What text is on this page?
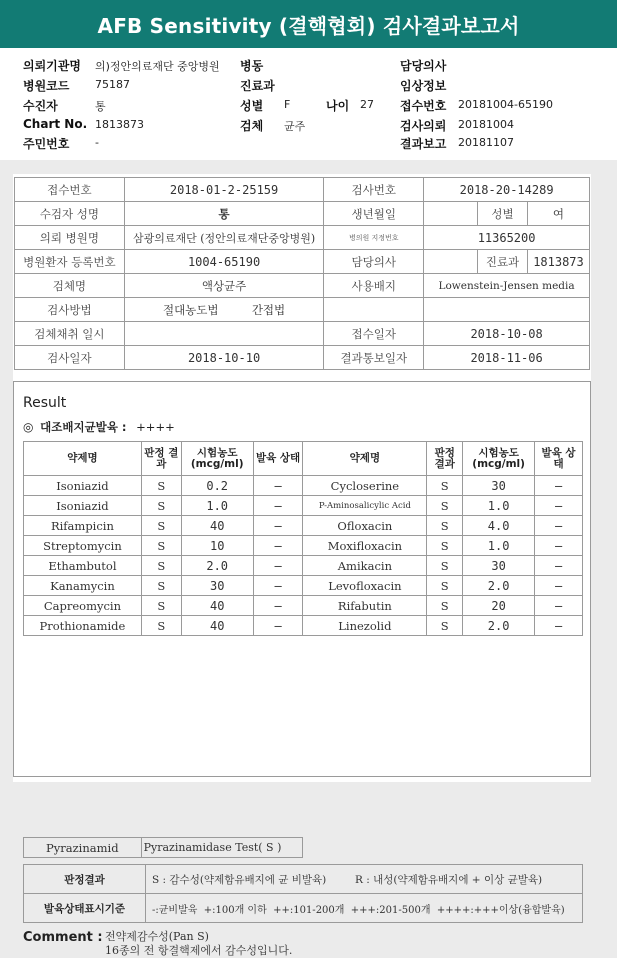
AFB Sensitivity (결핵협회) 검사결과보고서
의뢰기관명 의)정안의료재단 중앙병원
병원코드 75187
수진자	통
Chart No. 1813873
주민번호 -
병동
진료과
성별 F	나이 27
검체 균주
담당의사
임상정보
접수번호 20181004-65190
검사의뢰 20181004
결과보고 20181107
접수번호	2018-01-2-25159	검사번호	2018-20-14289		
수검자 성명	통	생년월일		성별	여
의뢰 병원명	삼광의료재단 (정안의료재단중앙병원)	병의원 지정번호	11365200		
병원환자 등록번호	1004-65190	담당의사		진료과	1813873
검체명	액상균주	사용배지	Lowenstein-Jensen media		
검사방법	절대농도법 간접법				
검체채취 일시		접수일자	2018-10-08		
검사일자	2018-10-10	결과통보일자	2018-11-06		
Result
◎ 대조배지균발육 : ++++
약제명	판정 결과	시험농도 (mcg/ml)	발육 상태	약제명	판정 결과	시험농도 (mcg/ml)	발육 상태
Isoniazid	S	0.2	−	Cycloserine	S	30	−
Isoniazid	S	1.0	−	P-Aminosalicylic Acid	S	1.0	−
Rifampicin	S	40	−	Ofloxacin	S	4.0	−
Streptomycin	S	10	−	Moxifloxacin	S	1.0	−
Ethambutol	S	2.0	−	Amikacin	S	30	−
Kanamycin	S	30	−	Levofloxacin	S	2.0	−
Capreomycin	S	40	−	Rifabutin	S	20	−
Prothionamide	S	40	−	Linezolid	S	2.0	−
Pyrazinamid	Pyrazinamidase Test( S )
판정결과	S : 감수성(약제함유배지에 균 비발육) R : 내성(약제함유배지에 + 이상 균발육)
발육상태표시기준	-:균비발육  +:100개 이하  ++:101-200개  +++:201-500개  ++++:+++이상(융합발육)
Comment : 전약제감수성(Pan S)
16종의 전 항결핵제에서 감수성입니다.
